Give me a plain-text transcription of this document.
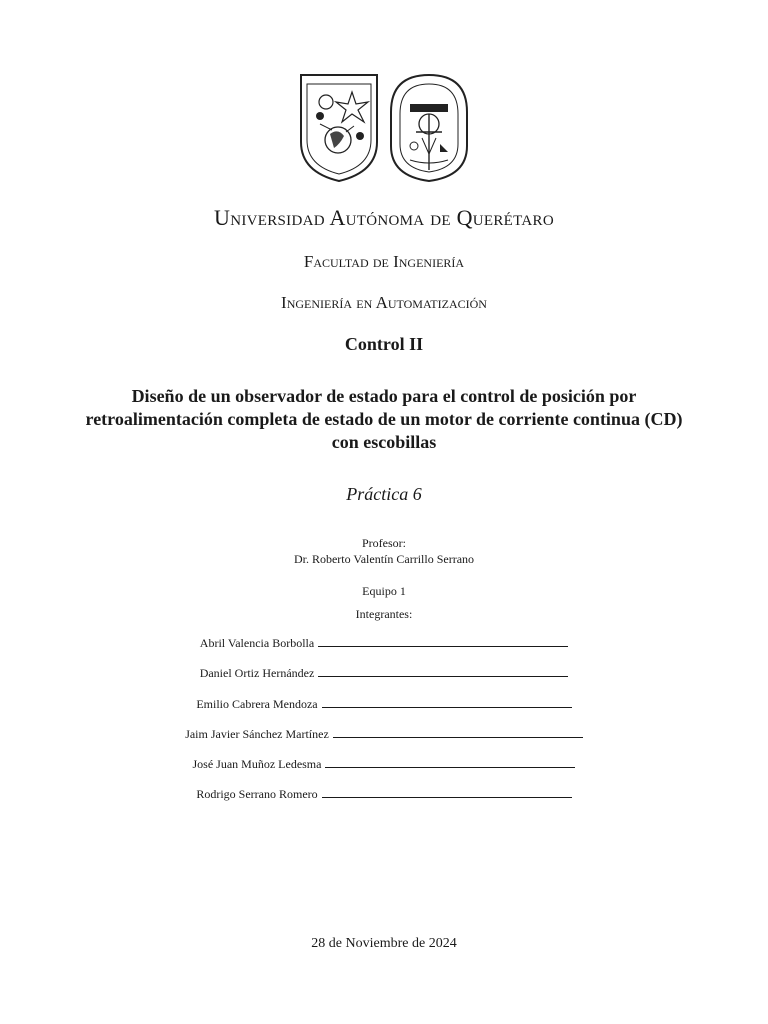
Universidad Autónoma de Querétaro
Facultad de Ingeniería
Ingeniería en Automatización
Control II
Diseño de un observador de estado para el control de posición por retroalimentación completa de estado de un motor de corriente continua (CD) con escobillas
Práctica 6
Profesor:
Dr. Roberto Valentín Carrillo Serrano
Equipo 1
Integrantes:
Abril Valencia Borbolla
Daniel Ortiz Hernández
Emilio Cabrera Mendoza
Jaim Javier Sánchez Martínez
José Juan Muñoz Ledesma
Rodrigo Serrano Romero
28 de Noviembre de 2024
